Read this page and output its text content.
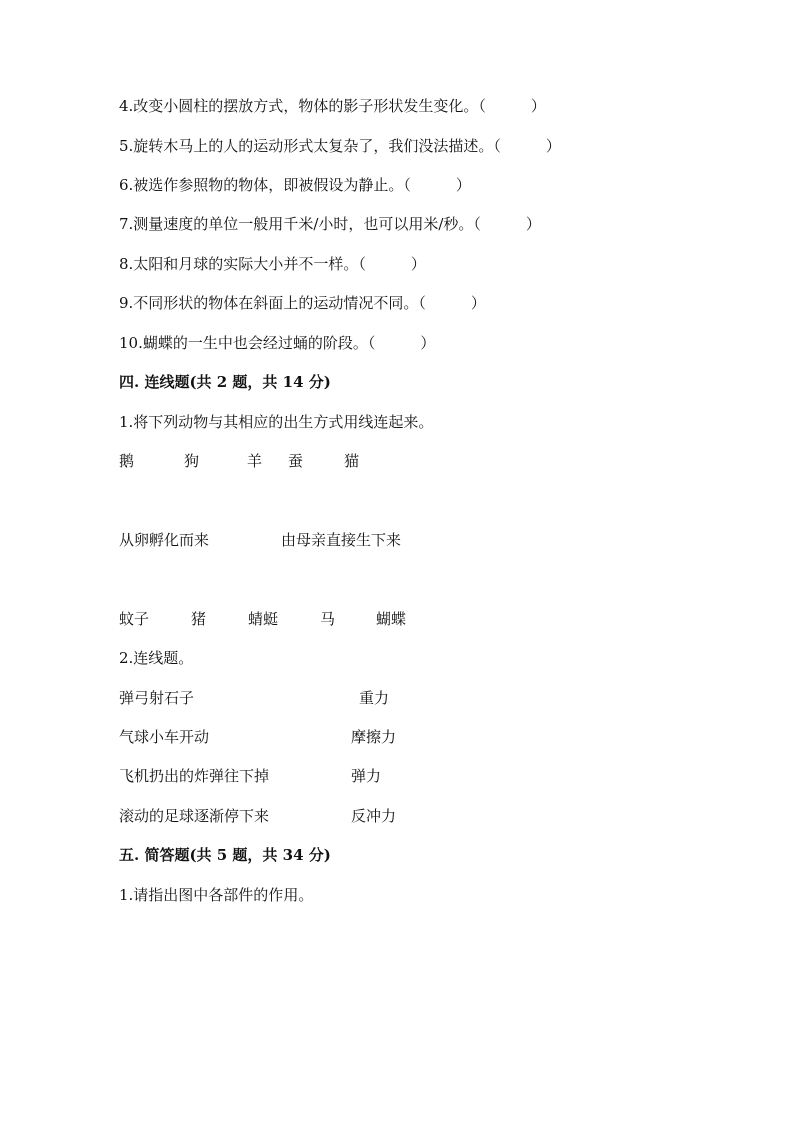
4.改变小圆柱的摆放方式，物体的影子形状发生变化。（　　　）
5.旋转木马上的人的运动形式太复杂了，我们没法描述。（　　　）
6.被选作参照物的物体，即被假设为静止。（　　　）
7.测量速度的单位一般用千米/小时，也可以用米/秒。（　　　）
8.太阳和月球的实际大小并不一样。（　　　）
9.不同形状的物体在斜面上的运动情况不同。（　　　）
10.蝴蝶的一生中也会经过蛹的阶段。（　　　）
四. 连线题(共 2 题，共 14 分)
1.将下列动物与其相应的出生方式用线连起来。
鹅	狗	羊 蚕	猫
从卵孵化而来	由母亲直接生下来
蚊子	猪	蜻蜓	马	蝴蝶
2.连线题。
弹弓射石子	重力
气球小车开动	摩擦力
飞机扔出的炸弹往下掉	弹力
滚动的足球逐渐停下来	反冲力
五. 简答题(共 5 题，共 34 分)
1.请指出图中各部件的作用。
